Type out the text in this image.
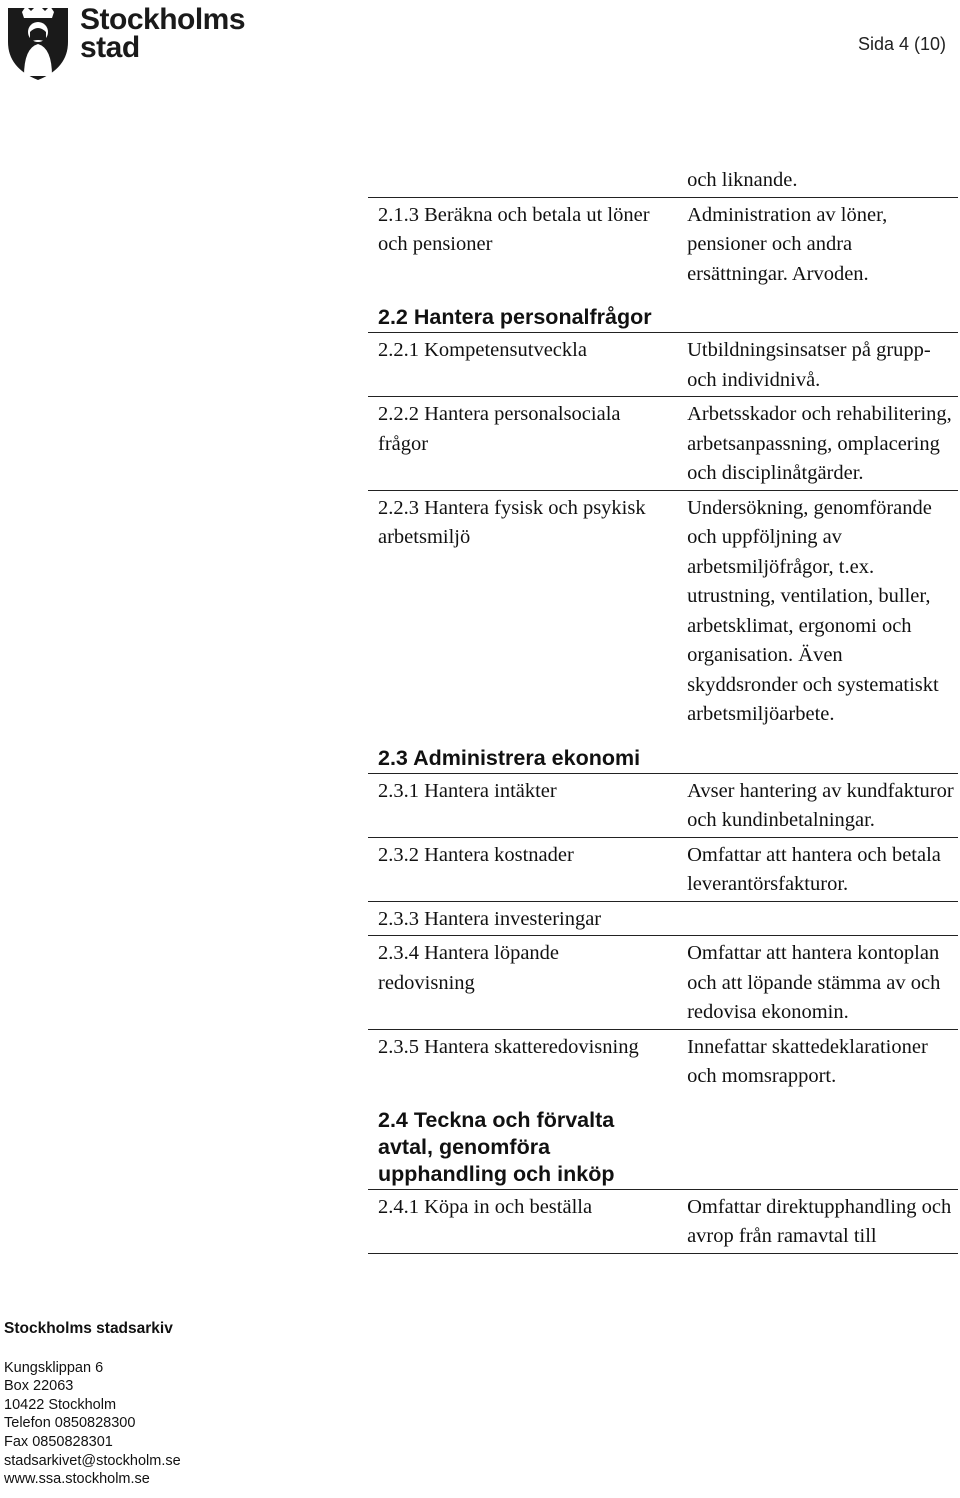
Stockholms
stad	Sida 4 (10)
	och liknande.
2.1.3 Beräkna och betala ut löner och pensioner	Administration av löner, pensioner och andra ersättningar. Arvoden.
2.2 Hantera personalfrågor	
2.2.1 Kompetensutveckla	Utbildningsinsatser på grupp- och individnivå.
2.2.2 Hantera personalsociala frågor	Arbetsskador och rehabilitering, arbetsanpassning, omplacering och disciplinåtgärder.
2.2.3 Hantera fysisk och psykisk arbetsmiljö	Undersökning, genomförande och uppföljning av arbetsmiljöfrågor, t.ex. utrustning, ventilation, buller, arbetsklimat, ergonomi och organisation. Även skyddsronder och systematiskt arbetsmiljöarbete.
2.3 Administrera ekonomi	
2.3.1 Hantera intäkter	Avser hantering av kundfakturor och kundinbetalningar.
2.3.2 Hantera kostnader	Omfattar att hantera och betala leverantörsfakturor.
2.3.3 Hantera investeringar	
2.3.4 Hantera löpande redovisning	Omfattar att hantera kontoplan och att löpande stämma av och redovisa ekonomin.
2.3.5 Hantera skatteredovisning	Innefattar skattedeklarationer och momsrapport.
2.4 Teckna och förvalta avtal, genomföra upphandling och inköp	
2.4.1 Köpa in och beställa	Omfattar direktupphandling och avrop från ramavtal till
Stockholms stadsarkiv
Kungsklippan 6
Box 22063
10422 Stockholm
Telefon 0850828300
Fax 0850828301
stadsarkivet@stockholm.se
www.ssa.stockholm.se
